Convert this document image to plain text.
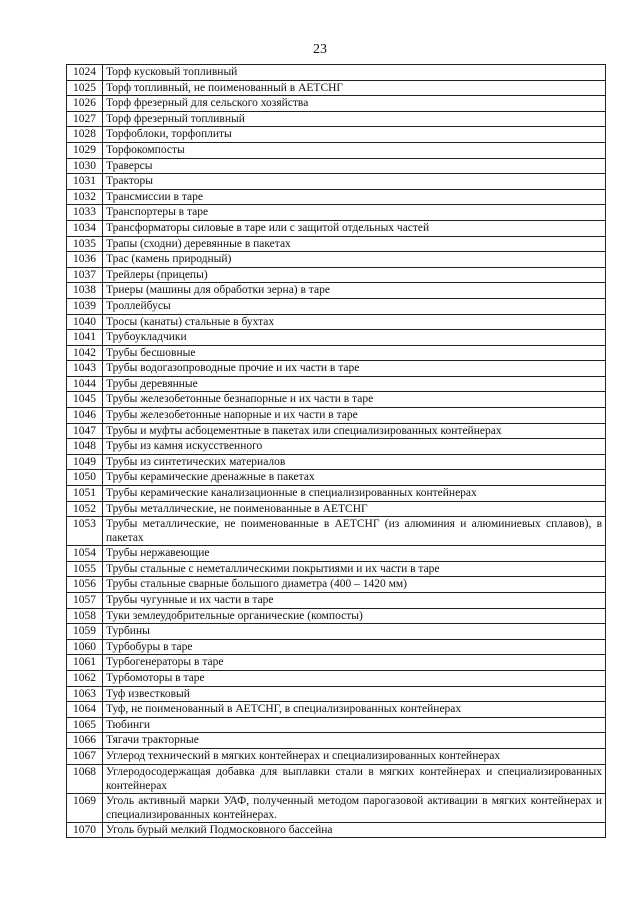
23
1024	Торф кусковый топливный
1025	Торф топливный, не поименованный в АЕТСНГ
1026	Торф фрезерный для сельского хозяйства
1027	Торф фрезерный топливный
1028	Торфоблоки, торфоплиты
1029	Торфокомпосты
1030	Траверсы
1031	Тракторы
1032	Трансмиссии в таре
1033	Транспортеры в таре
1034	Трансформаторы силовые в таре или с защитой отдельных частей
1035	Трапы (сходни) деревянные в пакетах
1036	Трас (камень природный)
1037	Трейлеры (прицепы)
1038	Триеры (машины для обработки зерна) в таре
1039	Троллейбусы
1040	Тросы (канаты) стальные в бухтах
1041	Трубоукладчики
1042	Трубы бесшовные
1043	Трубы водогазопроводные прочие и их части в таре
1044	Трубы деревянные
1045	Трубы железобетонные безнапорные и их части в таре
1046	Трубы железобетонные напорные и их части в таре
1047	Трубы и муфты асбоцементные в пакетах или специализированных контейнерах
1048	Трубы из камня искусственного
1049	Трубы из синтетических материалов
1050	Трубы керамические дренажные в пакетах
1051	Трубы керамические канализационные в специализированных контейнерах
1052	Трубы металлические, не поименованные в АЕТСНГ
1053	Трубы металлические, не поименованные в АЕТСНГ (из алюминия и алюминиевых сплавов), в пакетах
1054	Трубы нержавеющие
1055	Трубы стальные с неметаллическими покрытиями и их части в таре
1056	Трубы стальные сварные большого диаметра (400 – 1420 мм)
1057	Трубы чугунные и их части в таре
1058	Туки землеудобрительные органические (компосты)
1059	Турбины
1060	Турбобуры в таре
1061	Турбогенераторы в таре
1062	Турбомоторы в таре
1063	Туф известковый
1064	Туф, не поименованный в АЕТСНГ, в специализированных контейнерах
1065	Тюбинги
1066	Тягачи тракторные
1067	Углерод технический в мягких контейнерах и специализированных контейнерах
1068	Углеродосодержащая добавка для выплавки стали в мягких контейнерах и специализированных контейнерах
1069	Уголь активный марки УАФ, полученный методом парогазовой активации в мягких контейнерах и специализированных контейнерах.
1070	Уголь бурый мелкий Подмосковного бассейна
